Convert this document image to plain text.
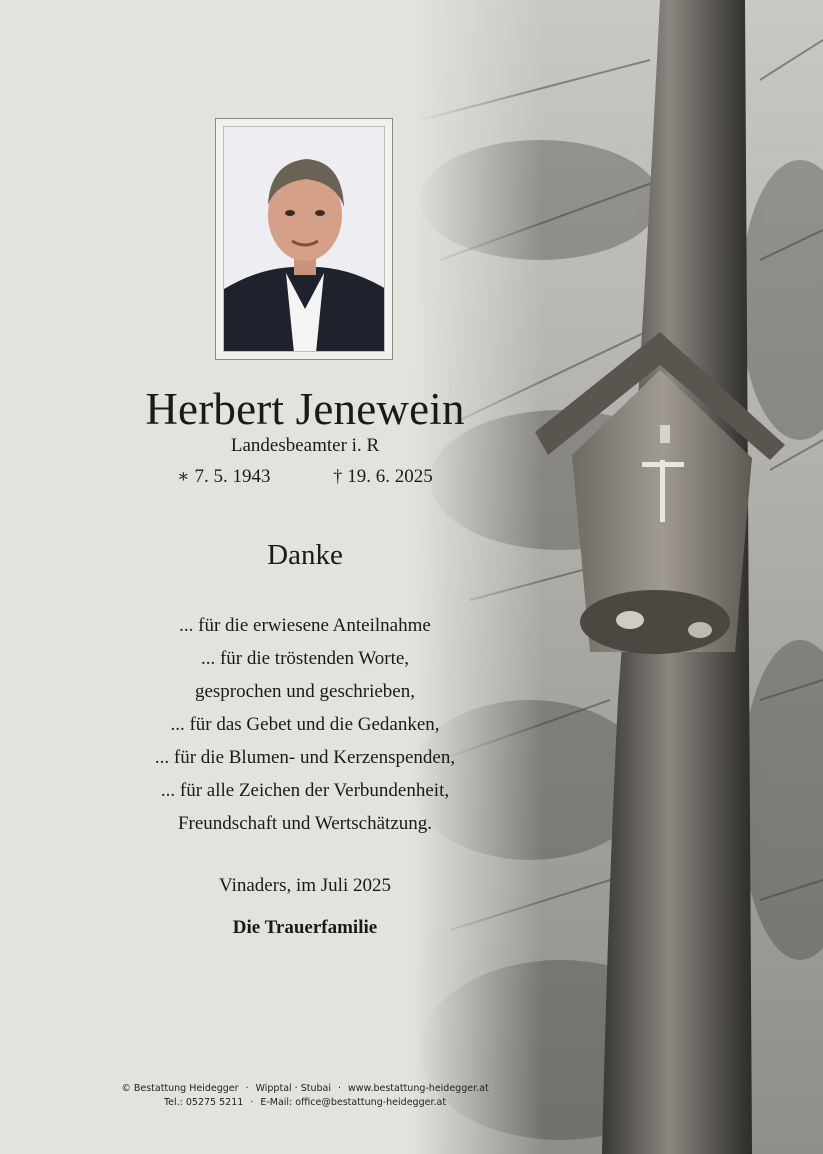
Herbert Jenewein
Landesbeamter i. R
∗ 7. 5. 1943	† 19. 6. 2025
Danke
... für die erwiesene Anteilnahme
... für die tröstenden Worte,
gesprochen und geschrieben,
... für das Gebet und die Gedanken,
... für die Blumen- und Kerzenspenden,
... für alle Zeichen der Verbundenheit,
Freundschaft und Wertschätzung.
Vinaders, im Juli 2025
Die Trauerfamilie
© Bestattung Heidegger · Wipptal · Stubai · www.bestattung-heidegger.at
Tel.: 05275 5211 · E-Mail: office@bestattung-heidegger.at
